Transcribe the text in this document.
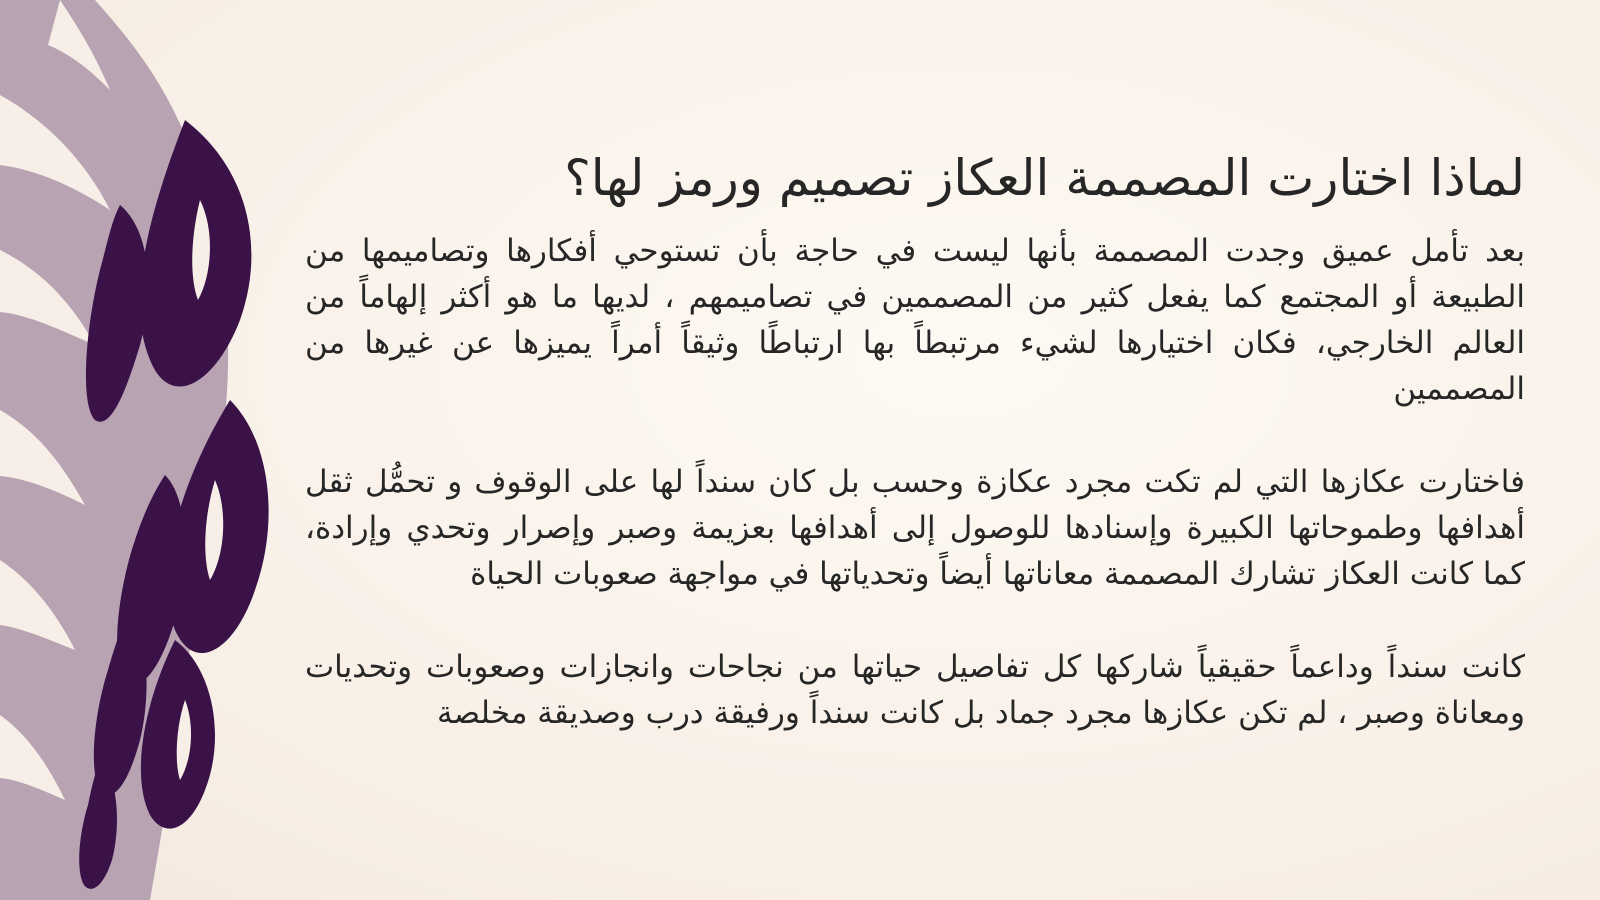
لماذا اختارت المصممة العكاز تصميم ورمز لها؟

بعد تأمل عميق وجدت المصممة بأنها ليست في حاجة بأن تستوحي أفكارها وتصاميمها من الطبيعة أو المجتمع كما يفعل كثير من المصممين في تصاميمهم ، لديها ما هو أكثر إلهاماً من العالم الخارجي، فكان اختيارها لشيء مرتبطاً بها ارتباطًا وثيقاً أمراً يميزها عن غيرها من المصممين

فاختارت عكازها التي لم تكت مجرد عكازة وحسب بل كان سنداً لها على الوقوف و تحمُّل ثقل أهدافها وطموحاتها الكبيرة وإسنادها للوصول إلى أهدافها بعزيمة وصبر وإصرار وتحدي وإرادة، كما كانت العكاز تشارك المصممة معاناتها أيضاً وتحدياتها في مواجهة صعوبات الحياة

كانت سنداً وداعماً حقيقياً شاركها كل تفاصيل حياتها من نجاحات وانجازات وصعوبات وتحديات ومعاناة وصبر ، لم تكن عكازها مجرد جماد بل كانت سنداً ورفيقة درب وصديقة مخلصة
